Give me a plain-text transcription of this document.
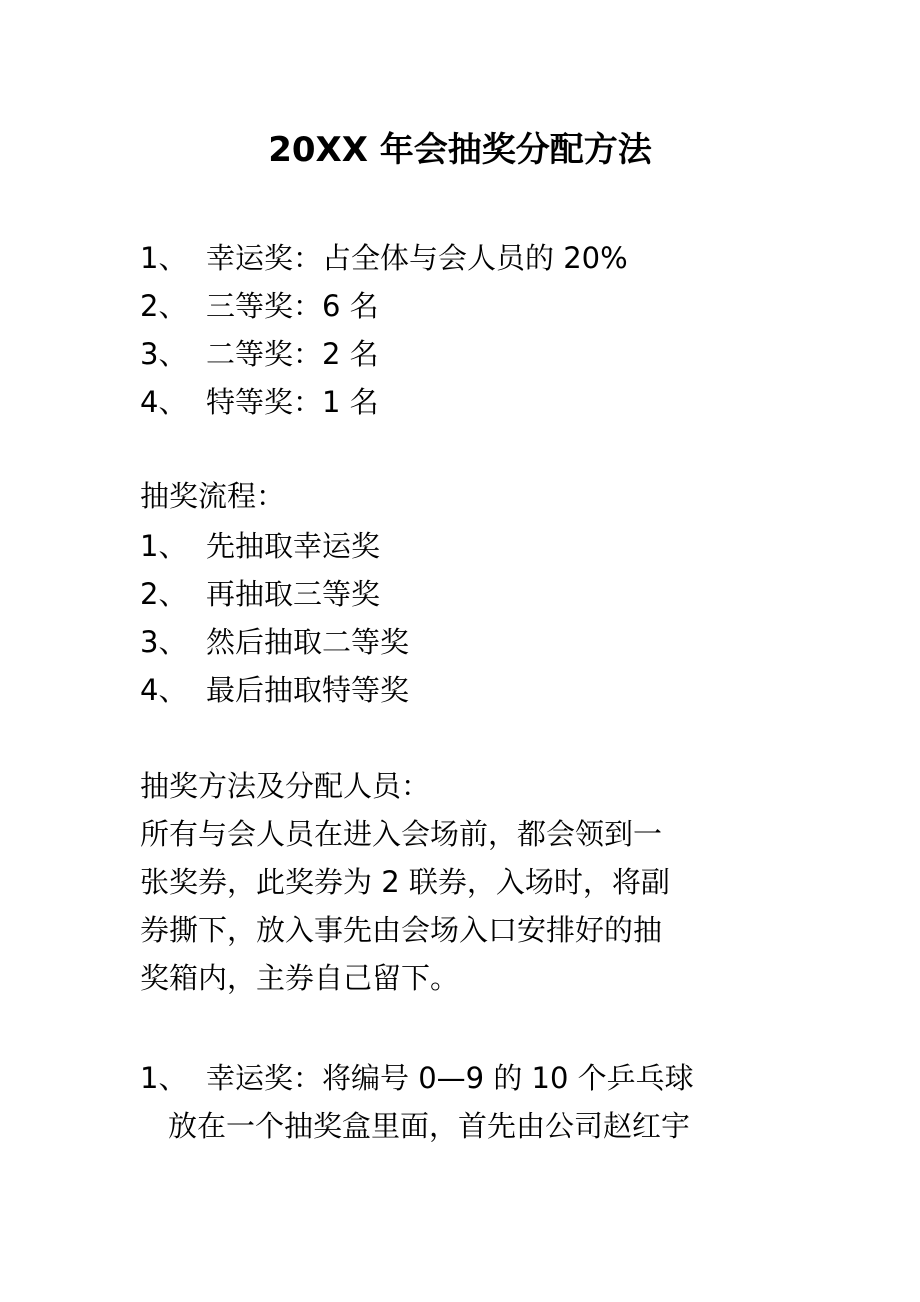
20XX 年会抽奖分配方法
1、 幸运奖：占全体与会人员的 20%
2、 三等奖：6 名
3、 二等奖：2 名
4、 特等奖：1 名
抽奖流程：
1、 先抽取幸运奖
2、 再抽取三等奖
3、 然后抽取二等奖
4、 最后抽取特等奖
抽奖方法及分配人员：
所有与会人员在进入会场前，都会领到一
张奖券，此奖券为 2 联券，入场时，将副
券撕下，放入事先由会场入口安排好的抽
奖箱内，主券自己留下。
1、 幸运奖：将编号 0—9 的 10 个乒乓球
放在一个抽奖盒里面，首先由公司赵红宇
